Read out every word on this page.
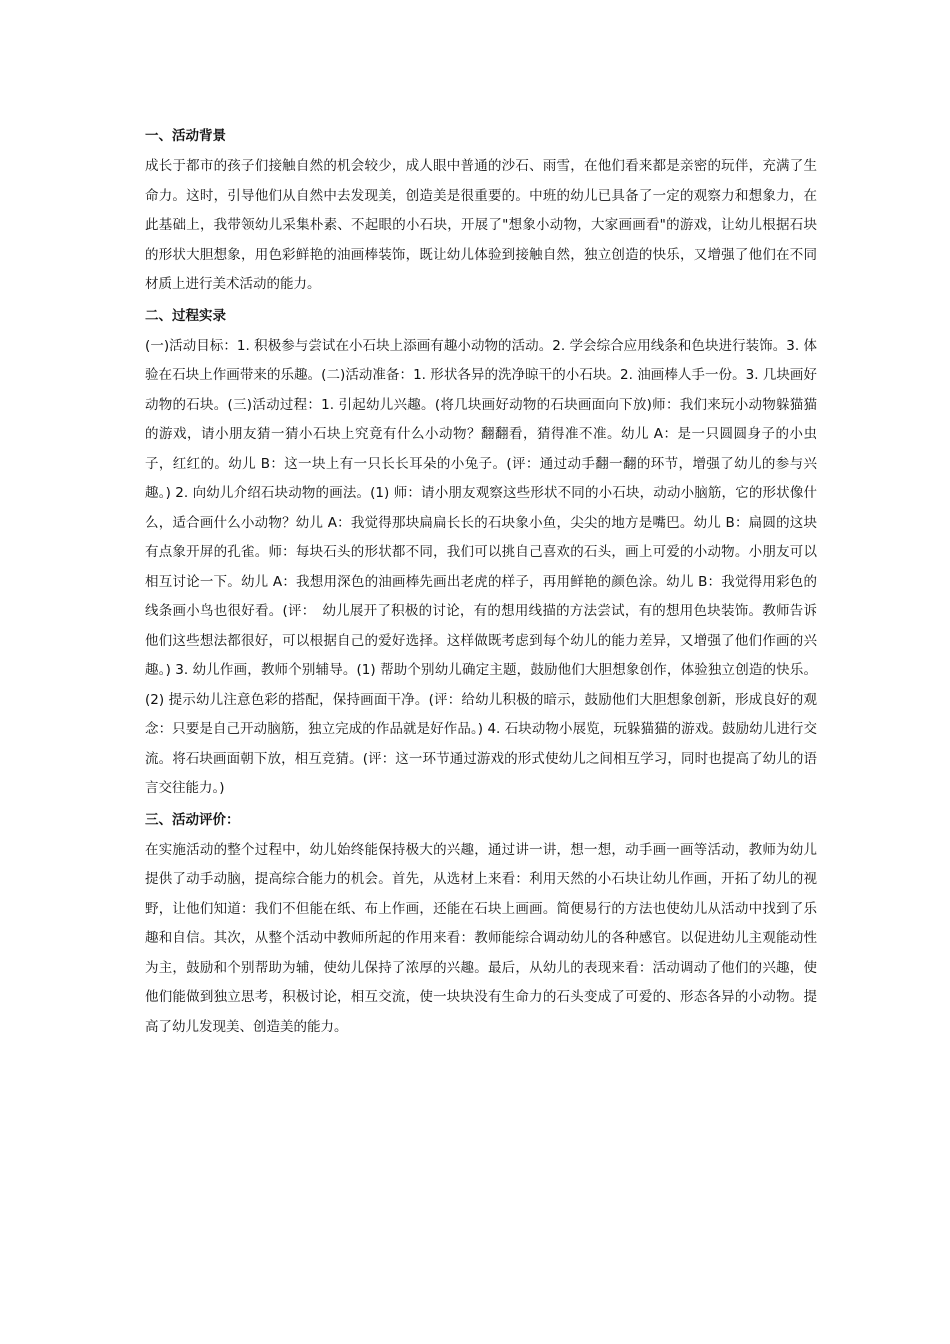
一、活动背景

成长于都市的孩子们接触自然的机会较少，成人眼中普通的沙石、雨雪，在他们看来都是亲密的玩伴，充满了生命力。这时，引导他们从自然中去发现美，创造美是很重要的。中班的幼儿已具备了一定的观察力和想象力，在此基础上，我带领幼儿采集朴素、不起眼的小石块，开展了"想象小动物，大家画画看"的游戏，让幼儿根据石块的形状大胆想象，用色彩鲜艳的油画棒装饰，既让幼儿体验到接触自然，独立创造的快乐，又增强了他们在不同材质上进行美术活动的能力。

二、过程实录

(一)活动目标：1. 积极参与尝试在小石块上添画有趣小动物的活动。2. 学会综合应用线条和色块进行装饰。3. 体验在石块上作画带来的乐趣。(二)活动准备：1. 形状各异的洗净晾干的小石块。2. 油画棒人手一份。3. 几块画好动物的石块。(三)活动过程：1. 引起幼儿兴趣。(将几块画好动物的石块画面向下放)师：我们来玩小动物躲猫猫的游戏，请小朋友猜一猜小石块上究竟有什么小动物？翻翻看，猜得准不准。幼儿 A：是一只圆圆身子的小虫子，红红的。幼儿 B：这一块上有一只长长耳朵的小兔子。(评：通过动手翻一翻的环节，增强了幼儿的参与兴趣。) 2. 向幼儿介绍石块动物的画法。(1) 师：请小朋友观察这些形状不同的小石块，动动小脑筋，它的形状像什么，适合画什么小动物？幼儿 A：我觉得那块扁扁长长的石块象小鱼，尖尖的地方是嘴巴。幼儿 B：扁圆的这块有点象开屏的孔雀。师：每块石头的形状都不同，我们可以挑自己喜欢的石头，画上可爱的小动物。小朋友可以相互讨论一下。幼儿 A：我想用深色的油画棒先画出老虎的样子，再用鲜艳的颜色涂。幼儿 B：我觉得用彩色的线条画小鸟也很好看。(评：　幼儿展开了积极的讨论，有的想用线描的方法尝试，有的想用色块装饰。教师告诉他们这些想法都很好，可以根据自己的爱好选择。这样做既考虑到每个幼儿的能力差异，又增强了他们作画的兴趣。) 3. 幼儿作画，教师个别辅导。(1) 帮助个别幼儿确定主题，鼓励他们大胆想象创作，体验独立创造的快乐。(2) 提示幼儿注意色彩的搭配，保持画面干净。(评：给幼儿积极的暗示，鼓励他们大胆想象创新，形成良好的观念：只要是自己开动脑筋，独立完成的作品就是好作品。) 4. 石块动物小展览，玩躲猫猫的游戏。鼓励幼儿进行交流。将石块画面朝下放，相互竞猜。(评：这一环节通过游戏的形式使幼儿之间相互学习，同时也提高了幼儿的语言交往能力。)

三、活动评价：

在实施活动的整个过程中，幼儿始终能保持极大的兴趣，通过讲一讲，想一想，动手画一画等活动，教师为幼儿提供了动手动脑，提高综合能力的机会。首先，从选材上来看：利用天然的小石块让幼儿作画，开拓了幼儿的视野，让他们知道：我们不但能在纸、布上作画，还能在石块上画画。简便易行的方法也使幼儿从活动中找到了乐趣和自信。其次，从整个活动中教师所起的作用来看：教师能综合调动幼儿的各种感官。以促进幼儿主观能动性为主，鼓励和个别帮助为辅，使幼儿保持了浓厚的兴趣。最后，从幼儿的表现来看：活动调动了他们的兴趣，使他们能做到独立思考，积极讨论，相互交流，使一块块没有生命力的石头变成了可爱的、形态各异的小动物。提高了幼儿发现美、创造美的能力。
